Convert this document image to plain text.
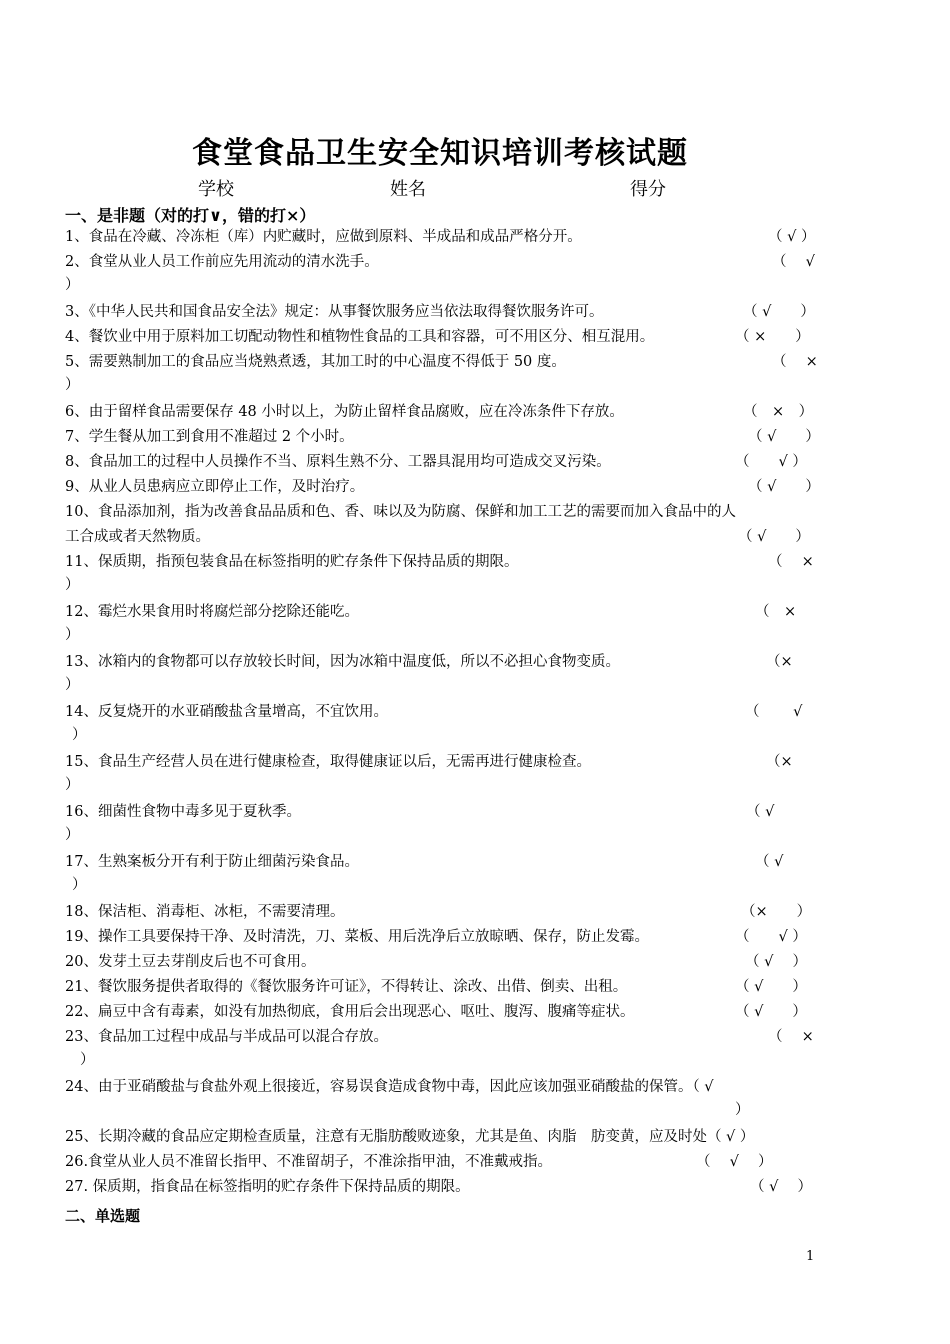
食堂食品卫生安全知识培训考核试题
学校	姓名	得分
一、是非题（对的打∨，错的打×）
1、食品在冷藏、冷冻柜（库）内贮藏时，应做到原料、半成品和成品严格分开。	（ √ ）
2、食堂从业人员工作前应先用流动的清水洗手。	（　 √
）
3、《中华人民共和国食品安全法》规定：从事餐饮服务应当依法取得餐饮服务许可。	（ √　　）
4、餐饮业中用于原料加工切配动物性和植物性食品的工具和容器，可不用区分、相互混用。	（ ×　　）
5、需要熟制加工的食品应当烧熟煮透，其加工时的中心温度不得低于 50 度。	（　 ×
）
6、由于留样食品需要保存 48 小时以上，为防止留样食品腐败，应在冷冻条件下存放。	（　×　）
7、学生餐从加工到食用不准超过 2 个小时。	（ √　　）
8、食品加工的过程中人员操作不当、原料生熟不分、工器具混用均可造成交叉污染。	（　　√ ）
9、从业人员患病应立即停止工作，及时治疗。	（ √　　）
10、食品添加剂，指为改善食品品质和色、香、味以及为防腐、保鲜和加工工艺的需要而加入食品中的人
工合成或者天然物质。	（ √　　）
11、保质期，指预包装食品在标签指明的贮存条件下保持品质的期限。	（　 ×
）
12、霉烂水果食用时将腐烂部分挖除还能吃。	（　×
）
13、冰箱内的食物都可以存放较长时间，因为冰箱中温度低，所以不必担心食物变质。	（×
）
14、反复烧开的水亚硝酸盐含量增高，不宜饮用。	（　　 √
）
15、食品生产经营人员在进行健康检查，取得健康证以后，无需再进行健康检查。	（×
）
16、细菌性食物中毒多见于夏秋季。	（ √
）
17、生熟案板分开有利于防止细菌污染食品。	（ √
）
18、保洁柜、消毒柜、冰柜，不需要清理。	（×　　）
19、操作工具要保持干净、及时清洗，刀、菜板、用后洗净后立放晾晒、保存，防止发霉。	（　　√ ）
20、发芽土豆去芽削皮后也不可食用。	（ √　 ）
21、餐饮服务提供者取得的《餐饮服务许可证》，不得转让、涂改、出借、倒卖、出租。	（ √　　）
22、扁豆中含有毒素，如没有加热彻底，食用后会出现恶心、呕吐、腹泻、腹痛等症状。	（ √　　）
23、食品加工过程中成品与半成品可以混合存放。	（　 ×
）
24、由于亚硝酸盐与食盐外观上很接近，容易误食造成食物中毒，因此应该加强亚硝酸盐的保管。（ √
）
25、长期冷藏的食品应定期检查质量，注意有无脂肪酸败迹象，尤其是鱼、肉脂　肪变黄，应及时处（ √ ）
26.食堂从业人员不准留长指甲、不准留胡子，不准涂指甲油，不准戴戒指。	（　 √　 ）
27. 保质期，指食品在标签指明的贮存条件下保持品质的期限。	（ √　 ）
二、单选题
1
